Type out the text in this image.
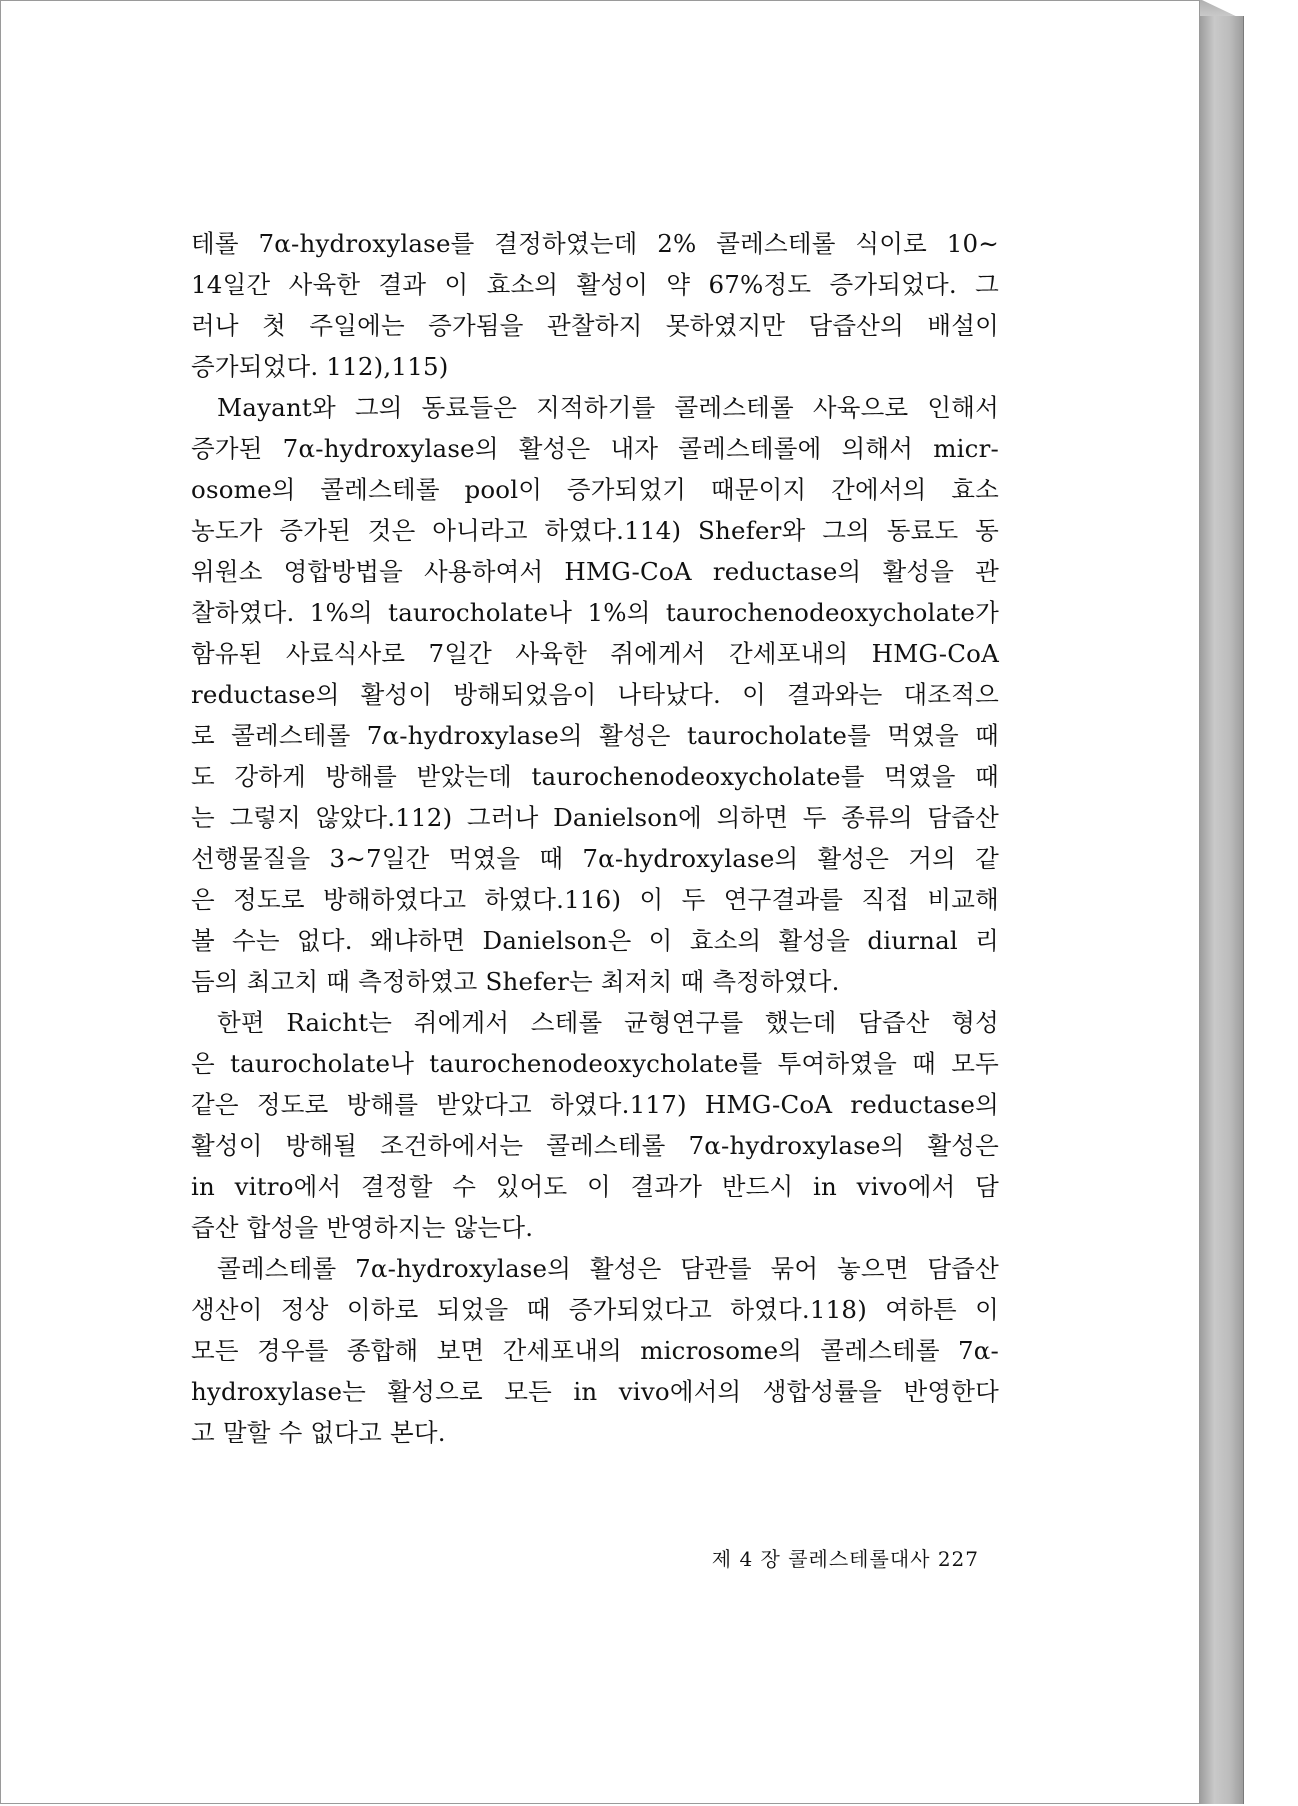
테롤 7α-hydroxylase를 결정하였는데 2% 콜레스테롤 식이로 10∼
14일간 사육한 결과 이 효소의 활성이 약 67%정도 증가되었다. 그
러나 첫 주일에는 증가됨을 관찰하지 못하였지만 담즙산의 배설이
증가되었다. 112),115)
Mayant와 그의 동료들은 지적하기를 콜레스테롤 사육으로 인해서
증가된 7α-hydroxylase의 활성은 내자 콜레스테롤에 의해서 micr-
osome의 콜레스테롤 pool이 증가되었기 때문이지 간에서의 효소
농도가 증가된 것은 아니라고 하였다.114) Shefer와 그의 동료도 동
위원소 영합방법을 사용하여서 HMG-CoA reductase의 활성을 관
찰하였다. 1%의 taurocholate나 1%의 taurochenodeoxycholate가
함유된 사료식사로 7일간 사육한 쥐에게서 간세포내의 HMG-CoA
reductase의 활성이 방해되었음이 나타났다. 이 결과와는 대조적으
로 콜레스테롤 7α-hydroxylase의 활성은 taurocholate를 먹였을 때
도 강하게 방해를 받았는데 taurochenodeoxycholate를 먹였을 때
는 그렇지 않았다.112) 그러나 Danielson에 의하면 두 종류의 담즙산
선행물질을 3∼7일간 먹였을 때 7α-hydroxylase의 활성은 거의 같
은 정도로 방해하였다고 하였다.116) 이 두 연구결과를 직접 비교해
볼 수는 없다. 왜냐하면 Danielson은 이 효소의 활성을 diurnal 리
듬의 최고치 때 측정하였고 Shefer는 최저치 때 측정하였다.
한편 Raicht는 쥐에게서 스테롤 균형연구를 했는데 담즙산 형성
은 taurocholate나 taurochenodeoxycholate를 투여하였을 때 모두
같은 정도로 방해를 받았다고 하였다.117) HMG-CoA reductase의
활성이 방해될 조건하에서는 콜레스테롤 7α-hydroxylase의 활성은
in vitro에서 결정할 수 있어도 이 결과가 반드시 in vivo에서 담
즙산 합성을 반영하지는 않는다.
콜레스테롤 7α-hydroxylase의 활성은 담관를 묶어 놓으면 담즙산
생산이 정상 이하로 되었을 때 증가되었다고 하였다.118) 여하튼 이
모든 경우를 종합해 보면 간세포내의 microsome의 콜레스테롤 7α-
hydroxylase는 활성으로 모든 in vivo에서의 생합성률을 반영한다
고 말할 수 없다고 본다.
제 4 장 콜레스테롤대사 227
